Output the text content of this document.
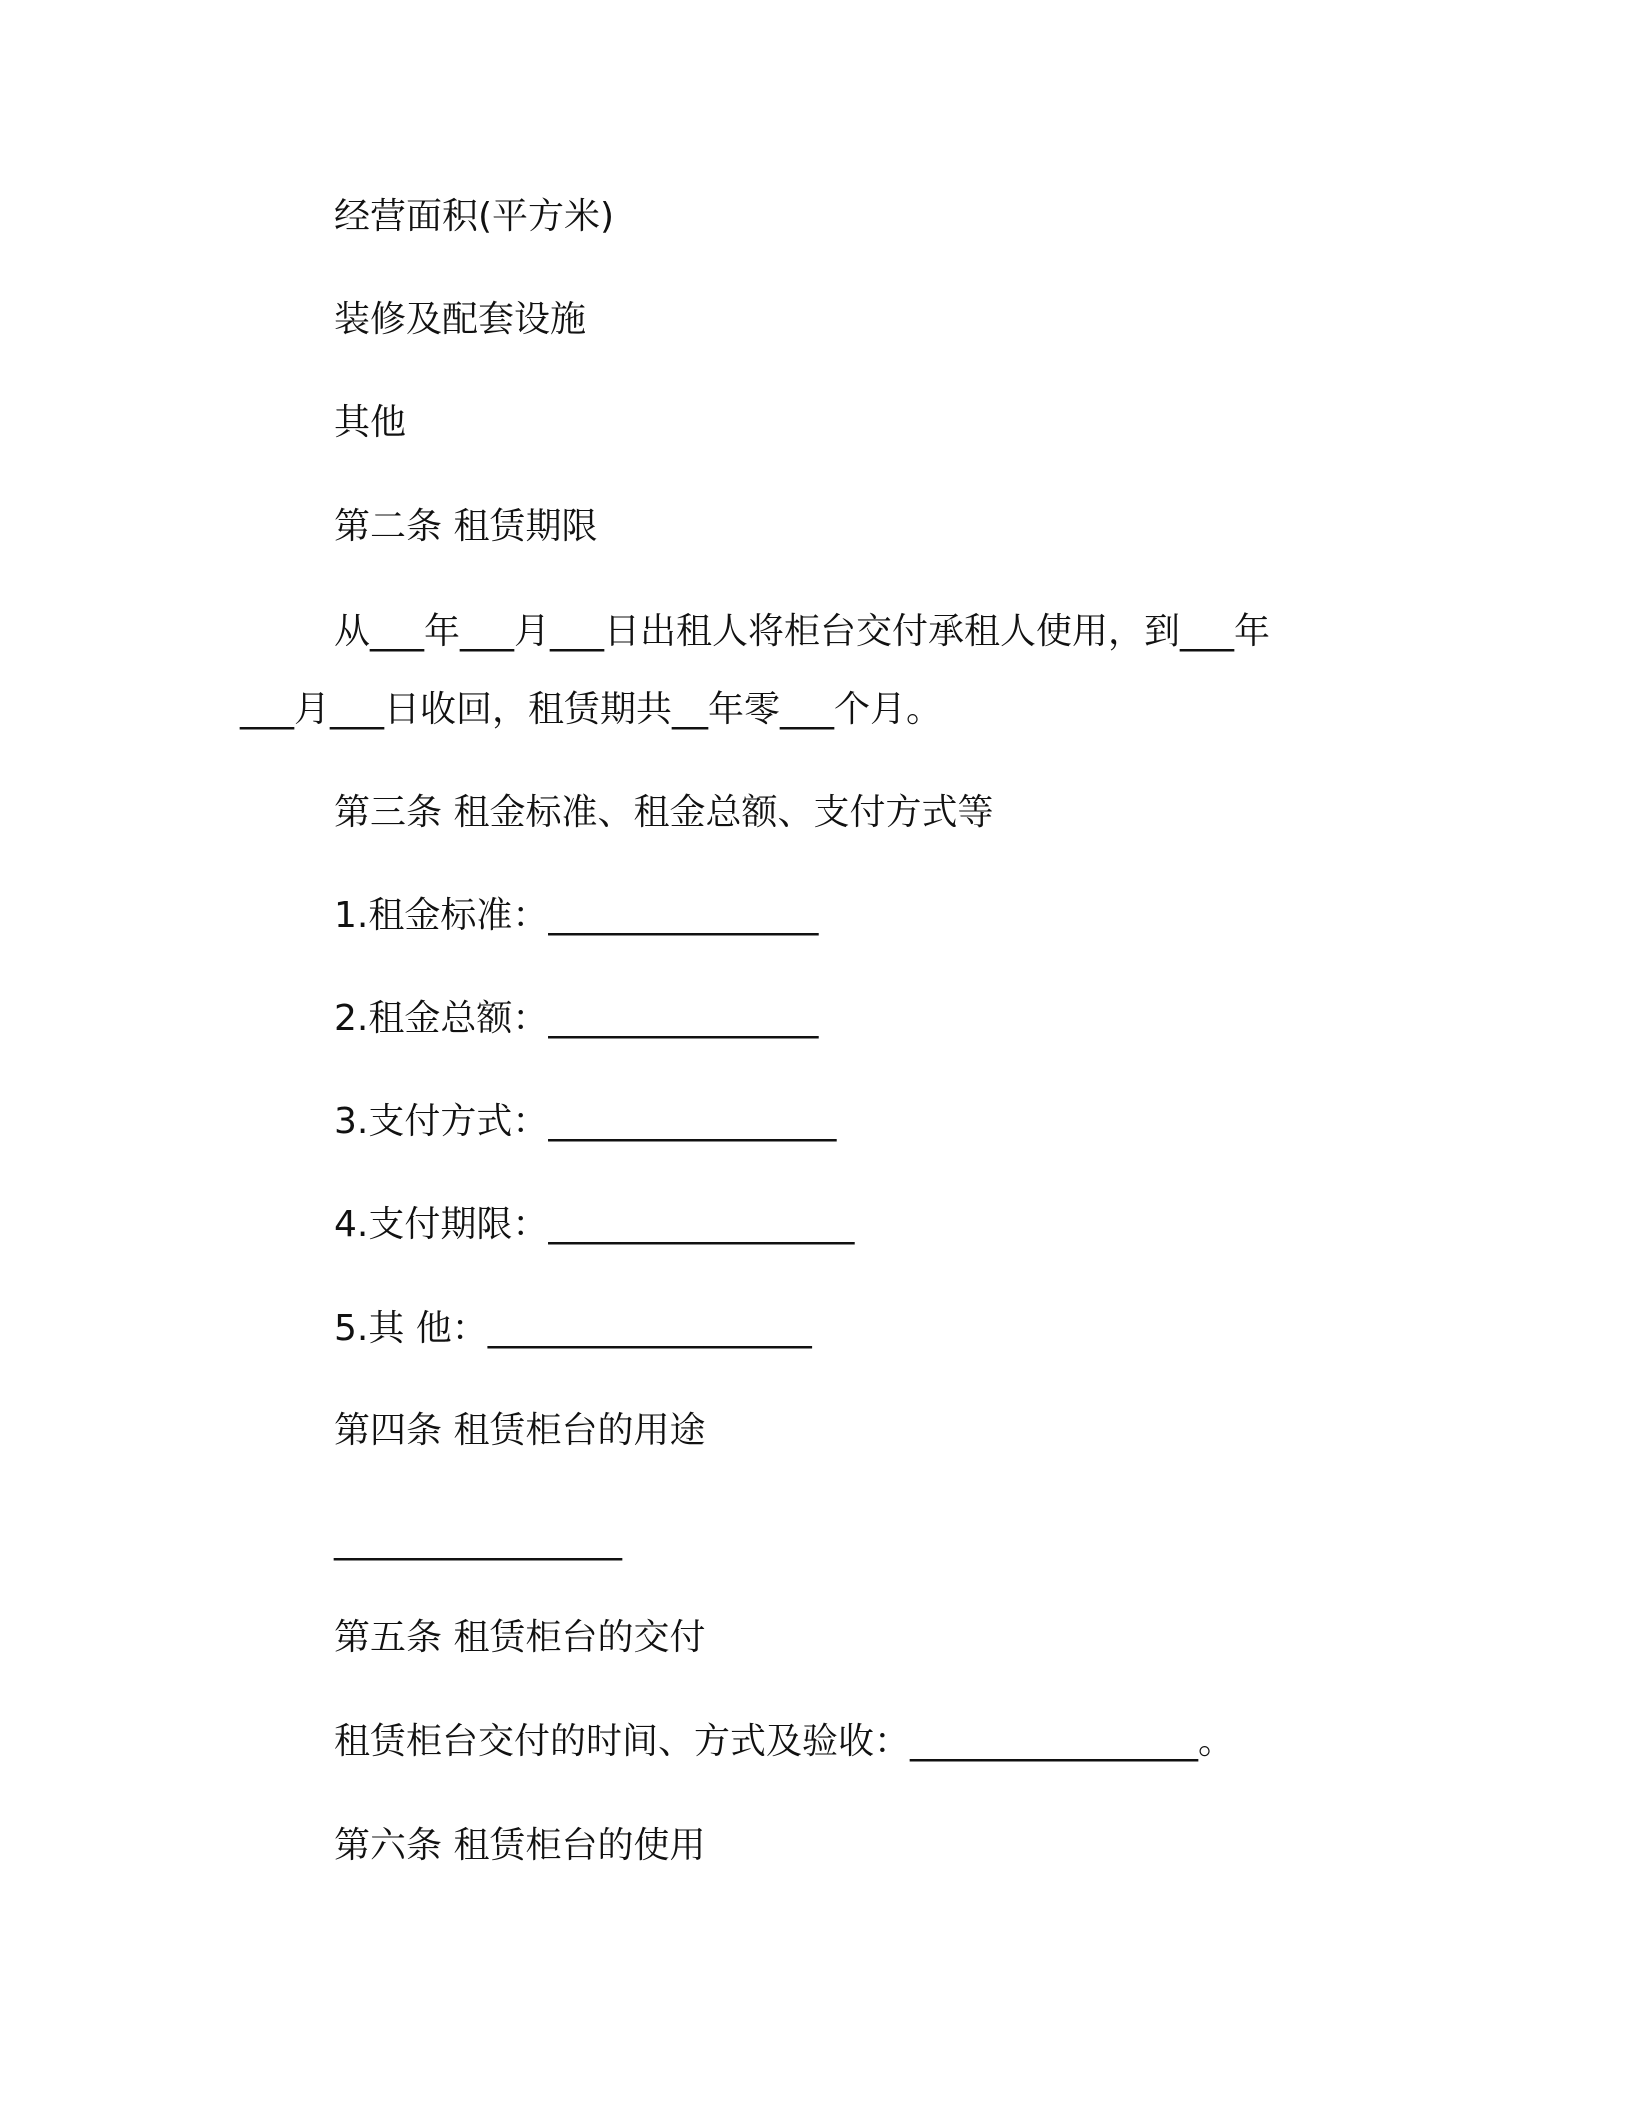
经营面积(平方米)
装修及配套设施
其他
第二条 租赁期限
从___年___月___日出租人将柜台交付承租人使用，到___年
___月___日收回，租赁期共__年零___个月。
第三条 租金标准、租金总额、支付方式等
1.租金标准：_______________
2.租金总额：_______________
3.支付方式：________________
4.支付期限：_________________
5.其 他：__________________
第四条 租赁柜台的用途
________________
第五条 租赁柜台的交付
租赁柜台交付的时间、方式及验收：________________。
第六条 租赁柜台的使用
